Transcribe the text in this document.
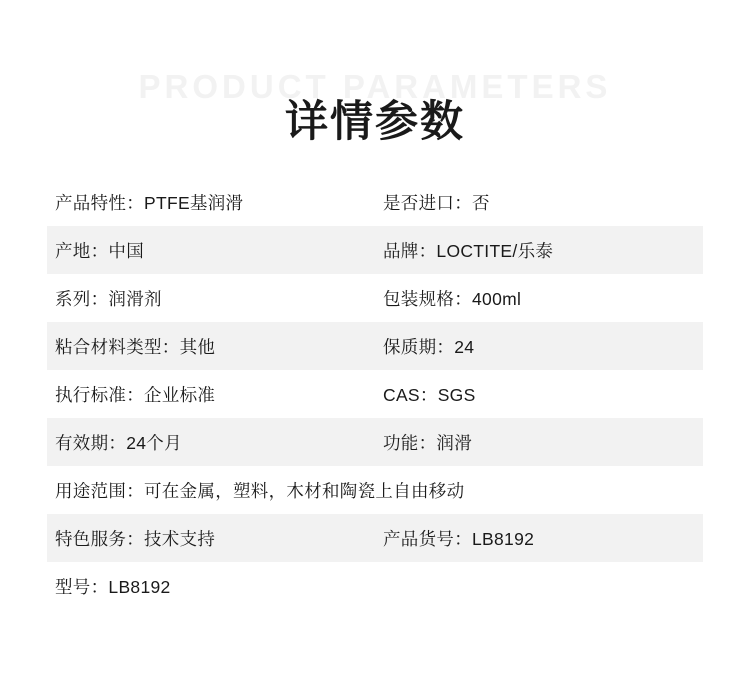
PRODUCT PARAMETERS
详情参数
产品特性：PTFE基润滑	是否进口：否
产地：中国	品牌：LOCTITE/乐泰
系列：润滑剂	包装规格：400ml
粘合材料类型：其他	保质期：24
执行标准：企业标准	CAS：SGS
有效期：24个月	功能：润滑
用途范围：可在金属，塑料，木材和陶瓷上自由移动	
特色服务：技术支持	产品货号：LB8192
型号：LB8192	
